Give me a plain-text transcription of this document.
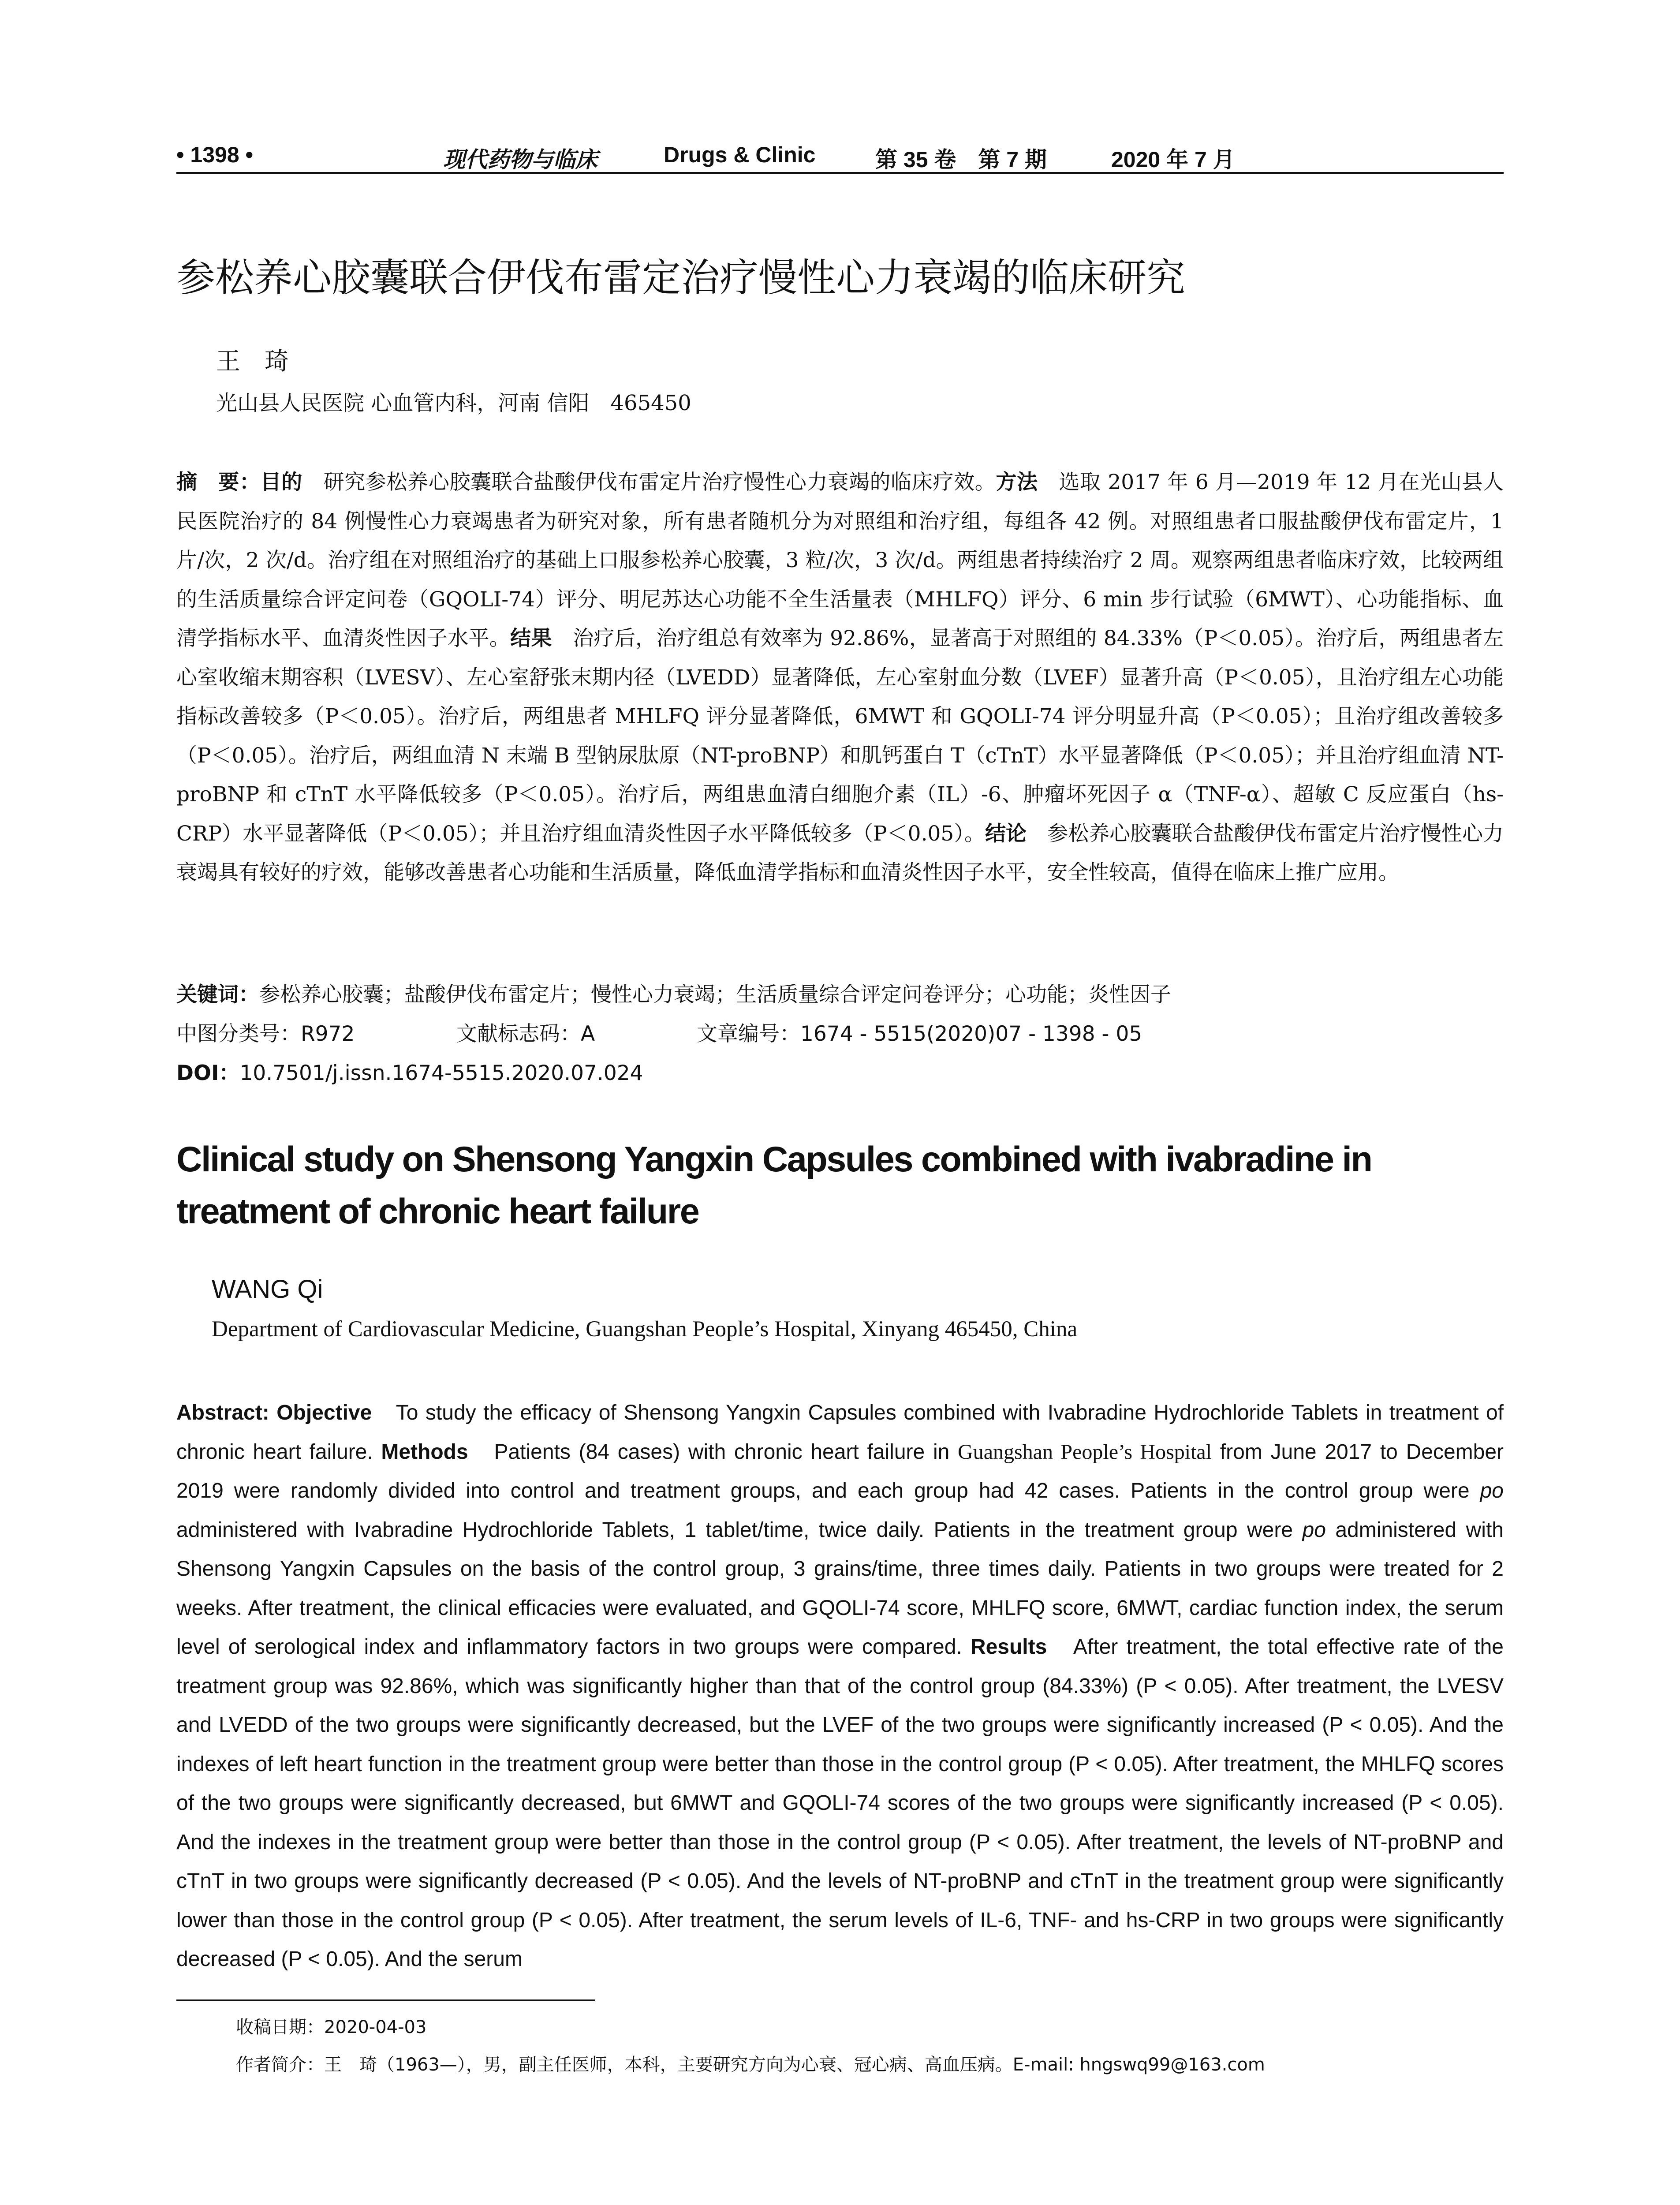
• 1398 •	现代药物与临床	Drugs & Clinic	第 35 卷　第 7 期	2020 年 7 月
参松养心胶囊联合伊伐布雷定治疗慢性心力衰竭的临床研究
王　琦
光山县人民医院 心血管内科，河南 信阳　465450

摘　要：目的　研究参松养心胶囊联合盐酸伊伐布雷定片治疗慢性心力衰竭的临床疗效。方法　选取 2017 年 6 月—2019 年 12 月在光山县人民医院治疗的 84 例慢性心力衰竭患者为研究对象，所有患者随机分为对照组和治疗组，每组各 42 例。对照组患者口服盐酸伊伐布雷定片，1 片/次，2 次/d。治疗组在对照组治疗的基础上口服参松养心胶囊，3 粒/次，3 次/d。两组患者持续治疗 2 周。观察两组患者临床疗效，比较两组的生活质量综合评定问卷（GQOLI-74）评分、明尼苏达心功能不全生活量表（MHLFQ）评分、6 min 步行试验（6MWT）、心功能指标、血清学指标水平、血清炎性因子水平。结果　治疗后，治疗组总有效率为 92.86%，显著高于对照组的 84.33%（P＜0.05）。治疗后，两组患者左心室收缩末期容积（LVESV）、左心室舒张末期内径（LVEDD）显著降低，左心室射血分数（LVEF）显著升高（P＜0.05），且治疗组左心功能指标改善较多（P＜0.05）。治疗后，两组患者 MHLFQ 评分显著降低，6MWT 和 GQOLI-74 评分明显升高（P＜0.05）；且治疗组改善较多（P＜0.05）。治疗后，两组血清 N 末端 B 型钠尿肽原（NT-proBNP）和肌钙蛋白 T（cTnT）水平显著降低（P＜0.05）；并且治疗组血清 NT-proBNP 和 cTnT 水平降低较多（P＜0.05）。治疗后，两组患血清白细胞介素（IL）-6、肿瘤坏死因子 α（TNF-α）、超敏 C 反应蛋白（hs-CRP）水平显著降低（P＜0.05）；并且治疗组血清炎性因子水平降低较多（P＜0.05）。结论　参松养心胶囊联合盐酸伊伐布雷定片治疗慢性心力衰竭具有较好的疗效，能够改善患者心功能和生活质量，降低血清学指标和血清炎性因子水平，安全性较高，值得在临床上推广应用。

关键词：参松养心胶囊；盐酸伊伐布雷定片；慢性心力衰竭；生活质量综合评定问卷评分；心功能；炎性因子
中图分类号：R972	文献标志码：A	文章编号：1674 - 5515(2020)07 - 1398 - 05
DOI：10.7501/j.issn.1674-5515.2020.07.024
Clinical study on Shensong Yangxin Capsules combined with ivabradine in treatment of chronic heart failure
WANG Qi
Department of Cardiovascular Medicine, Guangshan People’s Hospital, Xinyang 465450, China

Abstract: Objective　To study the efficacy of Shensong Yangxin Capsules combined with Ivabradine Hydrochloride Tablets in treatment of chronic heart failure. Methods　Patients (84 cases) with chronic heart failure in Guangshan People’s Hospital from June 2017 to December 2019 were randomly divided into control and treatment groups, and each group had 42 cases. Patients in the control group were po administered with Ivabradine Hydrochloride Tablets, 1 tablet/time, twice daily. Patients in the treatment group were po administered with Shensong Yangxin Capsules on the basis of the control group, 3 grains/time, three times daily. Patients in two groups were treated for 2 weeks. After treatment, the clinical efficacies were evaluated, and GQOLI-74 score, MHLFQ score, 6MWT, cardiac function index, the serum level of serological index and inflammatory factors in two groups were compared. Results　After treatment, the total effective rate of the treatment group was 92.86%, which was significantly higher than that of the control group (84.33%) (P < 0.05). After treatment, the LVESV and LVEDD of the two groups were significantly decreased, but the LVEF of the two groups were significantly increased (P < 0.05). And the indexes of left heart function in the treatment group were better than those in the control group (P < 0.05). After treatment, the MHLFQ scores of the two groups were significantly decreased, but 6MWT and GQOLI-74 scores of the two groups were significantly increased (P < 0.05). And the indexes in the treatment group were better than those in the control group (P < 0.05). After treatment, the levels of NT-proBNP and cTnT in two groups were significantly decreased (P < 0.05). And the levels of NT-proBNP and cTnT in the treatment group were significantly lower than those in the control group (P < 0.05). After treatment, the serum levels of IL-6, TNF- and hs-CRP in two groups were significantly decreased (P < 0.05). And the serum

收稿日期：2020-04-03
作者简介：王　琦（1963—），男，副主任医师，本科，主要研究方向为心衰、冠心病、高血压病。E-mail: hngswq99@163.com
